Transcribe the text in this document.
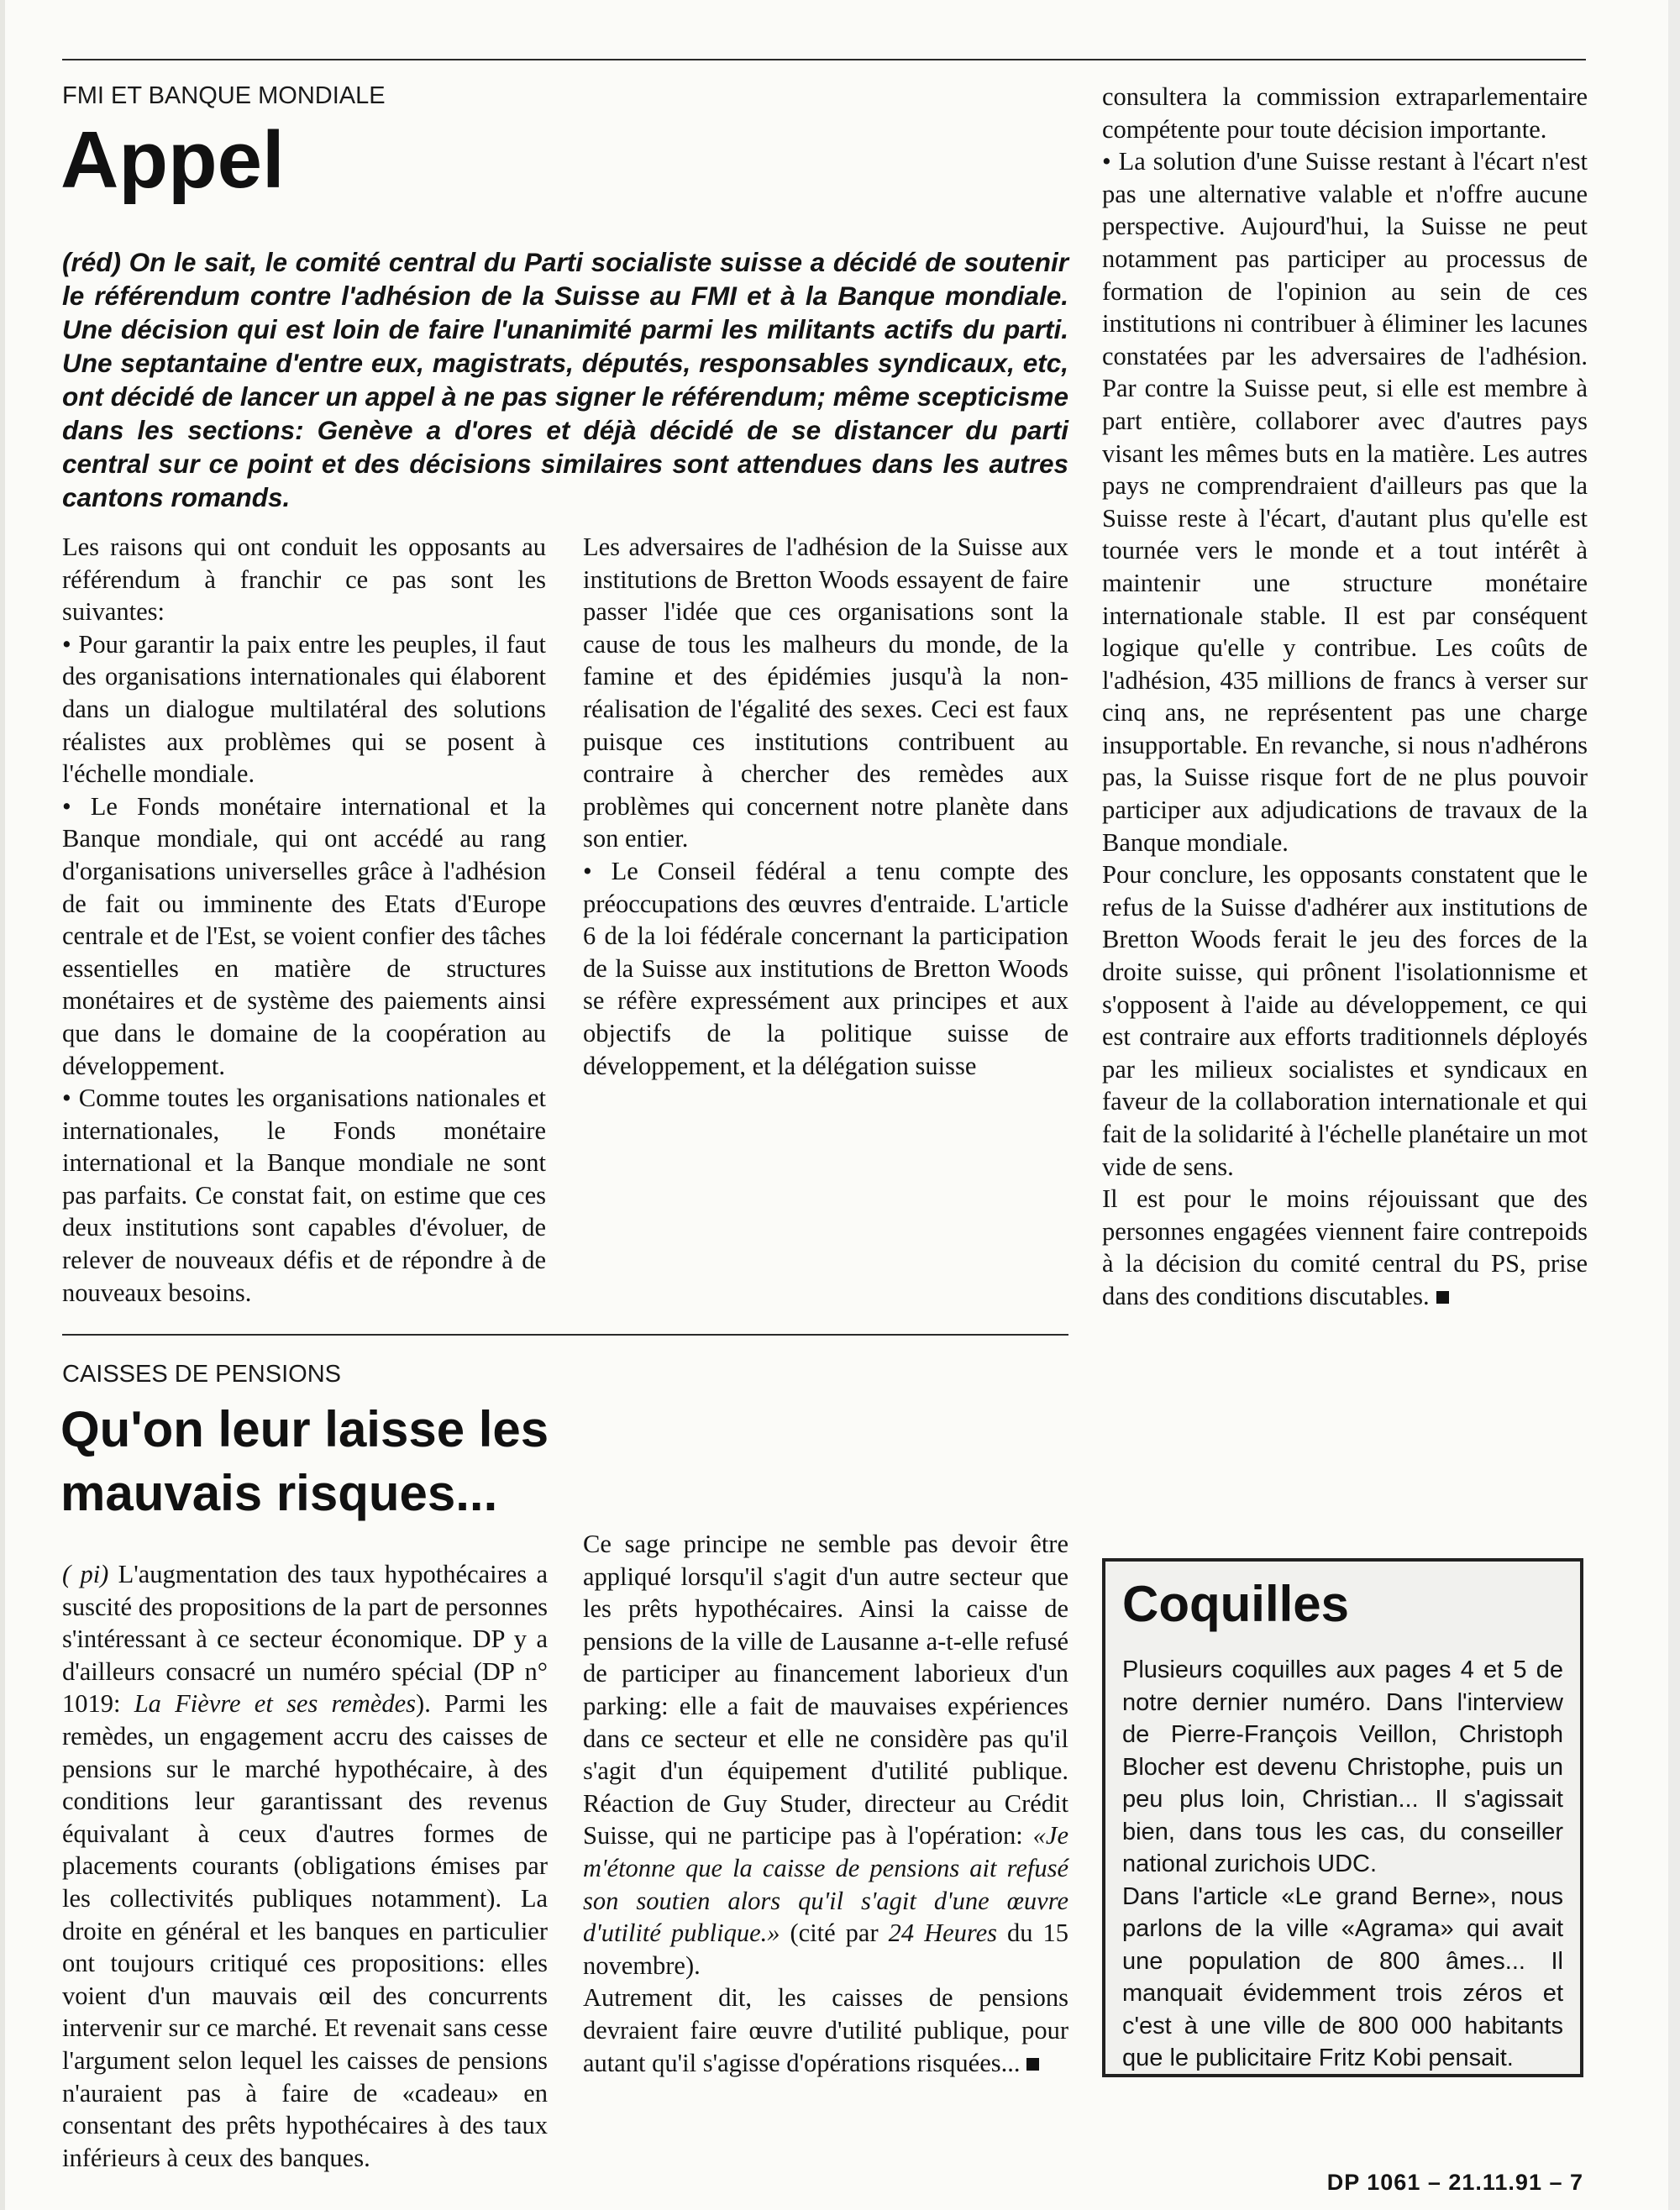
FMI ET BANQUE MONDIALE
Appel

(réd) On le sait, le comité central du Parti socialiste suisse a décidé de soutenir le référendum contre l'adhésion de la Suisse au FMI et à la Banque mondiale. Une décision qui est loin de faire l'unanimité parmi les militants actifs du parti. Une septantaine d'entre eux, magistrats, députés, responsables syndicaux, etc, ont décidé de lancer un appel à ne pas signer le référendum; même scepticisme dans les sections: Genève a d'ores et déjà décidé de se distancer du parti central sur ce point et des décisions similaires sont attendues dans les autres cantons romands.

Les raisons qui ont conduit les opposants au référendum à franchir ce pas sont les suivantes:

• Pour garantir la paix entre les peuples, il faut des organisations internationales qui élaborent dans un dialogue multilatéral des solutions réalistes aux problèmes qui se posent à l'échelle mondiale.

• Le Fonds monétaire international et la Banque mondiale, qui ont accédé au rang d'organisations universelles grâce à l'adhésion de fait ou imminente des Etats d'Europe centrale et de l'Est, se voient confier des tâches essentielles en matière de structures monétaires et de système des paiements ainsi que dans le domaine de la coopération au développement.

• Comme toutes les organisations nationales et internationales, le Fonds monétaire international et la Banque mondiale ne sont pas parfaits. Ce constat fait, on estime que ces deux institutions sont capables d'évoluer, de relever de nouveaux défis et de répondre à de nouveaux besoins.

Les adversaires de l'adhésion de la Suisse aux institutions de Bretton Woods essayent de faire passer l'idée que ces organisations sont la cause de tous les malheurs du monde, de la famine et des épidémies jusqu'à la non-réalisation de l'égalité des sexes. Ceci est faux puisque ces institutions contribuent au contraire à chercher des remèdes aux problèmes qui concernent notre planète dans son entier.

• Le Conseil fédéral a tenu compte des préoccupations des œuvres d'entraide. L'article 6 de la loi fédérale concernant la participation de la Suisse aux institutions de Bretton Woods se réfère expressément aux principes et aux objectifs de la politique suisse de développement, et la délégation suisse

consultera la commission extraparlementaire compétente pour toute décision importante.

• La solution d'une Suisse restant à l'écart n'est pas une alternative valable et n'offre aucune perspective. Aujourd'hui, la Suisse ne peut notamment pas participer au processus de formation de l'opinion au sein de ces institutions ni contribuer à éliminer les lacunes constatées par les adversaires de l'adhésion. Par contre la Suisse peut, si elle est membre à part entière, collaborer avec d'autres pays visant les mêmes buts en la matière. Les autres pays ne comprendraient d'ailleurs pas que la Suisse reste à l'écart, d'autant plus qu'elle est tournée vers le monde et a tout intérêt à maintenir une structure monétaire internationale stable. Il est par conséquent logique qu'elle y contribue. Les coûts de l'adhésion, 435 millions de francs à verser sur cinq ans, ne représentent pas une charge insupportable. En revanche, si nous n'adhérons pas, la Suisse risque fort de ne plus pouvoir participer aux adjudications de travaux de la Banque mondiale.

Pour conclure, les opposants constatent que le refus de la Suisse d'adhérer aux institutions de Bretton Woods ferait le jeu des forces de la droite suisse, qui prônent l'isolationnisme et s'opposent à l'aide au développement, ce qui est contraire aux efforts traditionnels déployés par les milieux socialistes et syndicaux en faveur de la collaboration internationale et qui fait de la solidarité à l'échelle planétaire un mot vide de sens.

Il est pour le moins réjouissant que des personnes engagées viennent faire contrepoids à la décision du comité central du PS, prise dans des conditions discutables.

CAISSES DE PENSIONS
Qu'on leur laisse les
mauvais risques...

( pi) L'augmentation des taux hypothécaires a suscité des propositions de la part de personnes s'intéressant à ce secteur économique. DP y a d'ailleurs consacré un numéro spécial (DP n° 1019: La Fièvre et ses remèdes). Parmi les remèdes, un engagement accru des caisses de pensions sur le marché hypothécaire, à des conditions leur garantissant des revenus équivalant à ceux d'autres formes de placements courants (obligations émises par les collectivités publiques notamment). La droite en général et les banques en particulier ont toujours critiqué ces propositions: elles voient d'un mauvais œil des concurrents intervenir sur ce marché. Et revenait sans cesse l'argument selon lequel les caisses de pensions n'auraient pas à faire de «cadeau» en consentant des prêts hypothécaires à des taux inférieurs à ceux des banques.

Ce sage principe ne semble pas devoir être appliqué lorsqu'il s'agit d'un autre secteur que les prêts hypothécaires. Ainsi la caisse de pensions de la ville de Lausanne a-t-elle refusé de participer au financement laborieux d'un parking: elle a fait de mauvaises expériences dans ce secteur et elle ne considère pas qu'il s'agit d'un équipement d'utilité publique. Réaction de Guy Studer, directeur au Crédit Suisse, qui ne participe pas à l'opération: «Je m'étonne que la caisse de pensions ait refusé son soutien alors qu'il s'agit d'une œuvre d'utilité publique.» (cité par 24 Heures du 15 novembre).

Autrement dit, les caisses de pensions devraient faire œuvre d'utilité publique, pour autant qu'il s'agisse d'opérations risquées...

Coquilles

Plusieurs coquilles aux pages 4 et 5 de notre dernier numéro. Dans l'interview de Pierre-François Veillon, Christoph Blocher est devenu Christophe, puis un peu plus loin, Christian... Il s'agissait bien, dans tous les cas, du conseiller national zurichois UDC.

Dans l'article «Le grand Berne», nous parlons de la ville «Agrama» qui avait une population de 800 âmes... Il manquait évidemment trois zéros et c'est à une ville de 800 000 habitants que le publicitaire Fritz Kobi pensait.

DP 1061 – 21.11.91 – 7
